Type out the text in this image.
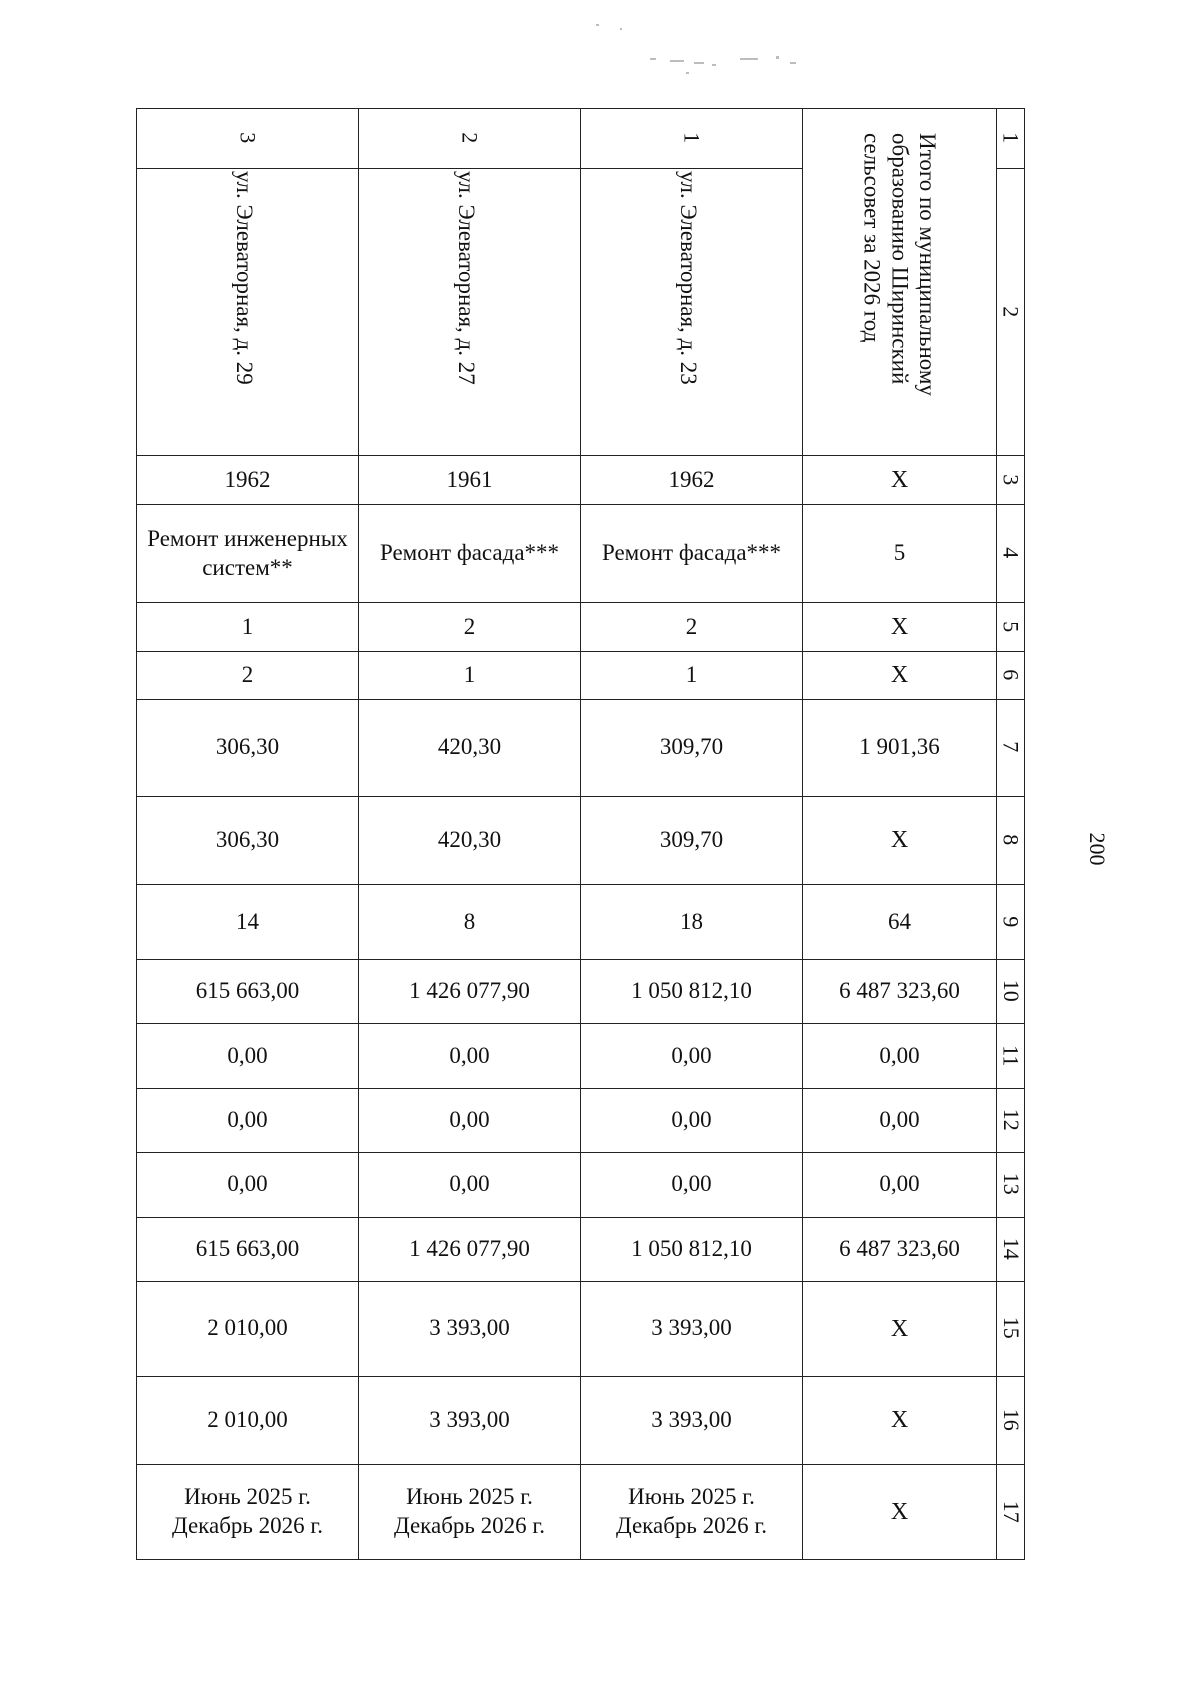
200
3	2	1	Итого по муниципальному образованию Ширинский сельсовет за 2026 год	1
ул. Элеваторная, д. 29	ул. Элеваторная, д. 27	ул. Элеваторная, д. 23		2
1962	1961	1962	Х	3
Ремонт инженерных систем**	Ремонт фасада***	Ремонт фасада***	5	4
1	2	2	Х	5
2	1	1	Х	6
306,30	420,30	309,70	1 901,36	7
306,30	420,30	309,70	Х	8
14	8	18	64	9
615 663,00	1 426 077,90	1 050 812,10	6 487 323,60	10
0,00	0,00	0,00	0,00	11
0,00	0,00	0,00	0,00	12
0,00	0,00	0,00	0,00	13
615 663,00	1 426 077,90	1 050 812,10	6 487 323,60	14
2 010,00	3 393,00	3 393,00	Х	15
2 010,00	3 393,00	3 393,00	Х	16
Июнь 2025 г. Декабрь 2026 г.	Июнь 2025 г. Декабрь 2026 г.	Июнь 2025 г. Декабрь 2026 г.	Х	17
